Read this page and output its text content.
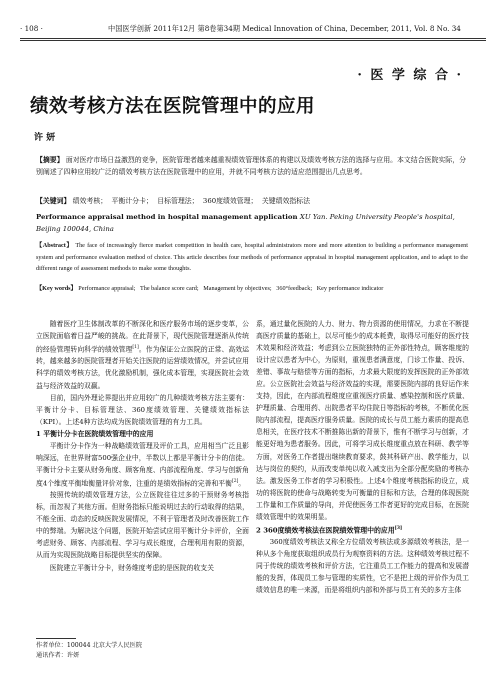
· 108 ·	中国医学创新 2011年12月 第8卷第34期 Medical Innovation of China, December, 2011, Vol. 8 No. 34
· 医 学 综 合 ·
绩效考核方法在医院管理中的应用
许 妍
【摘要】 面对医疗市场日益激烈的竞争，医院管理者越来越重视绩效管理体系的构建以及绩效考核方法的选择与应用。本文结合医院实际，分别阐述了四种应用较广泛的绩效考核方法在医院管理中的应用，并就不同考核方法的适应范围提出几点思考。
【关键词】 绩效考核；  平衡计分卡；  目标管理法；  360度绩效管理；  关键绩效指标法
Performance appraisal method in hospital management application XU Yan. Peking University People's hospital, Beijing 100044, China
【Abstract】 The face of increasingly fierce market competition in health care, hospital administrators more and more attention to building a performance management system and performance evaluation method of choice. This article describes four methods of performance appraisal in hospital management application, and to adapt to the different range of assessment methods to make some thoughts.
【Key words】 Performance appraisal;   The balance score card;   Management by objectives;   360°feedback;   Key performance indicator

随着医疗卫生体制改革的不断深化和医疗服务市场的逐步变革，公立医院面临着日益严峻的挑战。在此背景下，现代医院管理逐渐从传统的经验管理转向科学的绩效管理[1]。作为保证公立医院的正常、高效运转，越来越多的医院管理者开始关注医院的运营绩效情况，并尝试应用科学的绩效考核方法，优化激励机制，强化成本管理，实现医院社会效益与经济效益的双赢。

目前，国内外理论界提出并应用较广的几种绩效考核方法主要有：平衡计分卡、目标管理法、360度绩效管理、关键绩效指标法（KPI）。上述4种方法均成为医院绩效管理的有力工具。

1 平衡计分卡在医院绩效管理中的应用

平衡计分卡作为一种战略绩效管理及评价工具，应用相当广泛且影响深远，在世界财富500强企业中，半数以上都是平衡计分卡的信徒。平衡计分卡主要从财务角度、顾客角度、内部流程角度、学习与创新角度4个维度平衡地衡量评价对象，注重的是绩效指标的完善和平衡[2]。

按照传统的绩效管理方法，公立医院往往过多的干预财务考核指标，而忽视了其他方面。但财务指标只能说明过去的行动取得的结果，不能全面、动态的反映医院发展情况，不利于管理者及时改善医院工作中的弊端。为解决这个问题，医院开始尝试应用平衡计分卡评价，全面考虑财务、顾客、内部流程、学习与成长维度，合理利用有限的资源，从而为实现医院战略目标提供坚实的保障。

医院建立平衡计分卡，财务维度考虑的是医院的收支关

系，通过量化医院的人力、财力、物力资源的使用情况，力求在不断提高医疗质量的基础上，以尽可能少的成本耗费，取得尽可能好的医疗技术效果和经济效益；考虑到公立医院独特的正外部性特点，顾客维度的设计应以患者为中心，为原则，重视患者满意度，门诊工作量、投诉、差错、事故与赔偿等方面的指标，力求最大限度的发挥医院的正外部效应。公立医院社会效益与经济效益的实现，需要医院内部的良好运作来支持，因此，在内部流程维度应重视医疗质量、感染控制和医疗质量、护理质量、合理用药、出院患者平均住院日等指标的考核，不断优化医院内部流程，提高医疗服务质量。医院的成长与员工能力素质的提高息息相关，在医疗技术不断推陈出新的背景下，惟有不断学习与创新，才能更好地为患者服务。因此，可将学习成长维度重点放在科研、教学等方面，对医务工作者提出继续教育要求，鼓其科研产出、教学能力，以达与岗位的契约，从而改变单纯以收入减支出为全部分配奖励的考核办法。激发医务工作者的学习积极性。上述4个维度考核指标的设立，成功的将医院的使命与战略转变为可衡量的目标和方法，合理的体现医院工作量和工作质量的导向，并促使医务工作者更好的完成目标，在医院绩效管理中的效果明显。

2 360度绩效考核法在医院绩效管理中的应用[3]

360度绩效考核法又称全方位绩效考核法或多源绩效考核法，是一种从多个角度获取组织成员行为观察资料的方法。这种绩效考核过程不同于传统的绩效考核和评价方法，它注重员工工作能力的提高和发展潜能的发挥，体现员工参与管理的实质性，它不是把上级的评价作为员工绩效信息的唯一来源，而是将组织内部和外部与员工有关的多方主体

作者单位：100044 北京大学人民医院
通讯作者：许妍
